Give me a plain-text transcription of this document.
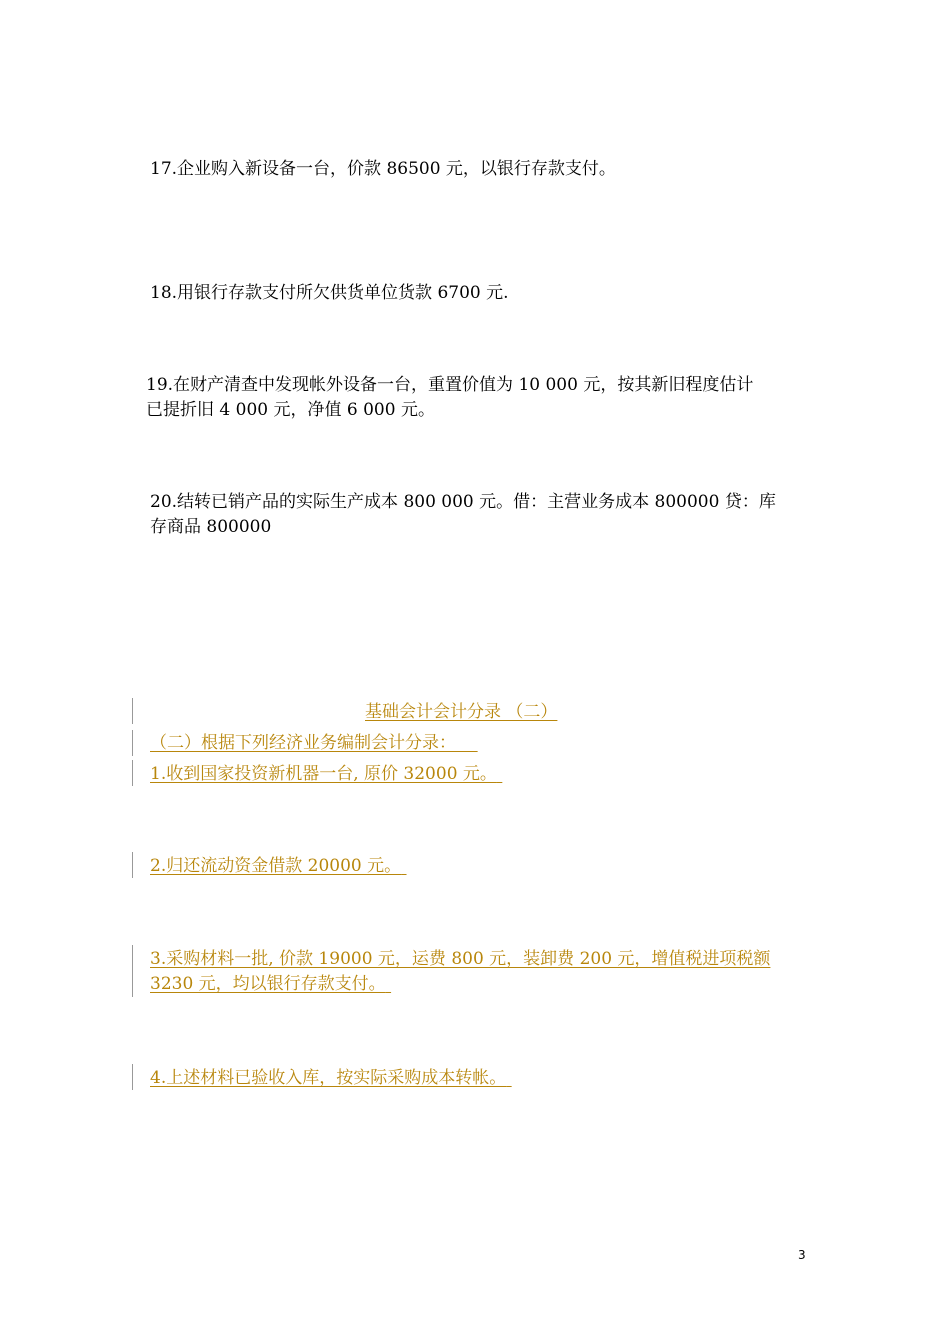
17.企业购入新设备一台，价款 86500 元，以银行存款支付。
18.用银行存款支付所欠供货单位货款 6700 元.
19.在财产清查中发现帐外设备一台，重置价值为 10 000 元，按其新旧程度估计
已提折旧 4 000 元，净值 6 000 元。
20.结转已销产品的实际生产成本 800 000 元。借：主营业务成本 800000 贷：库
存商品 800000
基础会计会计分录 （二）
（二）根据下列经济业务编制会计分录：
1.收到国家投资新机器一台, 原价 32000 元。
2.归还流动资金借款 20000 元。
3.采购材料一批, 价款 19000 元，运费 800 元，装卸费 200 元，增值税进项税额
3230 元，均以银行存款支付。
4.上述材料已验收入库，按实际采购成本转帐。
3
